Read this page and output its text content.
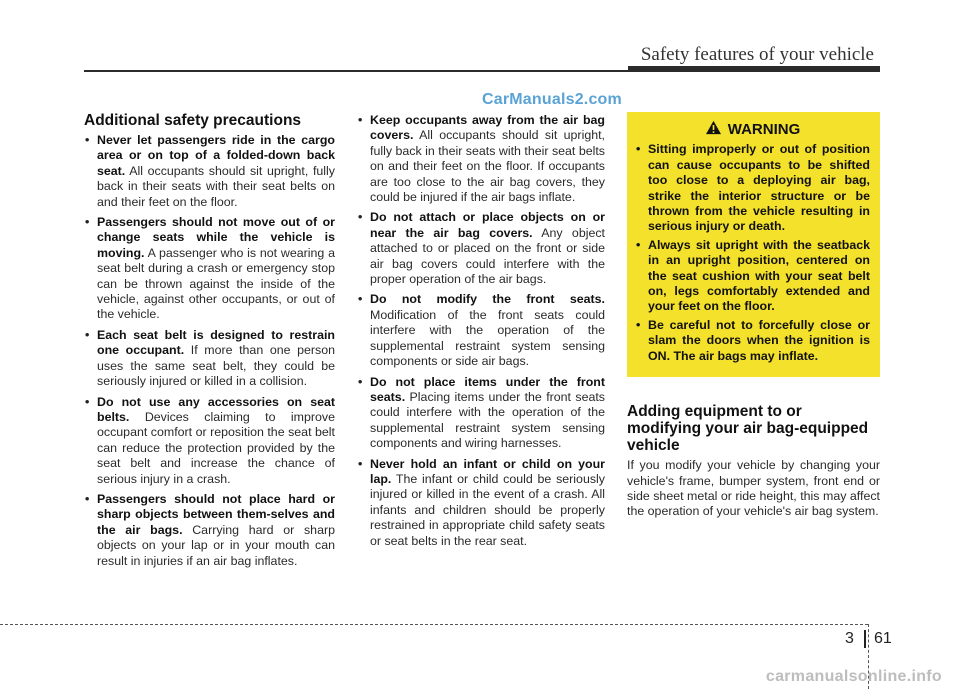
Safety features of your vehicle
CarManuals2.com
Additional safety precautions
• Never let passengers ride in the cargo area or on top of a folded-down back seat. All occupants should sit upright, fully back in their seats with their seat belts on and their feet on the floor.
• Passengers should not move out of or change seats while the vehicle is moving. A passenger who is not wearing a seat belt during a crash or emergency stop can be thrown against the inside of the vehicle, against other occupants, or out of the vehicle.
• Each seat belt is designed to restrain one occupant. If more than one person uses the same seat belt, they could be seriously injured or killed in a collision.
• Do not use any accessories on seat belts. Devices claiming to improve occupant comfort or reposition the seat belt can reduce the protection provided by the seat belt and increase the chance of serious injury in a crash.
• Passengers should not place hard or sharp objects between them-selves and the air bags. Carrying hard or sharp objects on your lap or in your mouth can result in injuries if an air bag inflates.
• Keep occupants away from the air bag covers. All occupants should sit upright, fully back in their seats with their seat belts on and their feet on the floor. If occupants are too close to the air bag covers, they could be injured if the air bags inflate.
• Do not attach or place objects on or near the air bag covers. Any object attached to or placed on the front or side air bag covers could interfere with the proper operation of the air bags.
• Do not modify the front seats. Modification of the front seats could interfere with the operation of the supplemental restraint system sensing components or side air bags.
• Do not place items under the front seats. Placing items under the front seats could interfere with the operation of the supplemental restraint system sensing components and wiring harnesses.
• Never hold an infant or child on your lap. The infant or child could be seriously injured or killed in the event of a crash. All infants and children should be properly restrained in appropriate child safety seats or seat belts in the rear seat.
WARNING
• Sitting improperly or out of position can cause occupants to be shifted too close to a deploying air bag, strike the interior structure or be thrown from the vehicle resulting in serious injury or death.
• Always sit upright with the seatback in an upright position, centered on the seat cushion with your seat belt on, legs comfortably extended and your feet on the floor.
• Be careful not to forcefully close or slam the doors when the ignition is ON. The air bags may inflate.
Adding equipment to or modifying your air bag-equipped vehicle

If you modify your vehicle by changing your vehicle's frame, bumper system, front end or side sheet metal or ride height, this may affect the operation of your vehicle's air bag system.

3 61
carmanualsonline.info
